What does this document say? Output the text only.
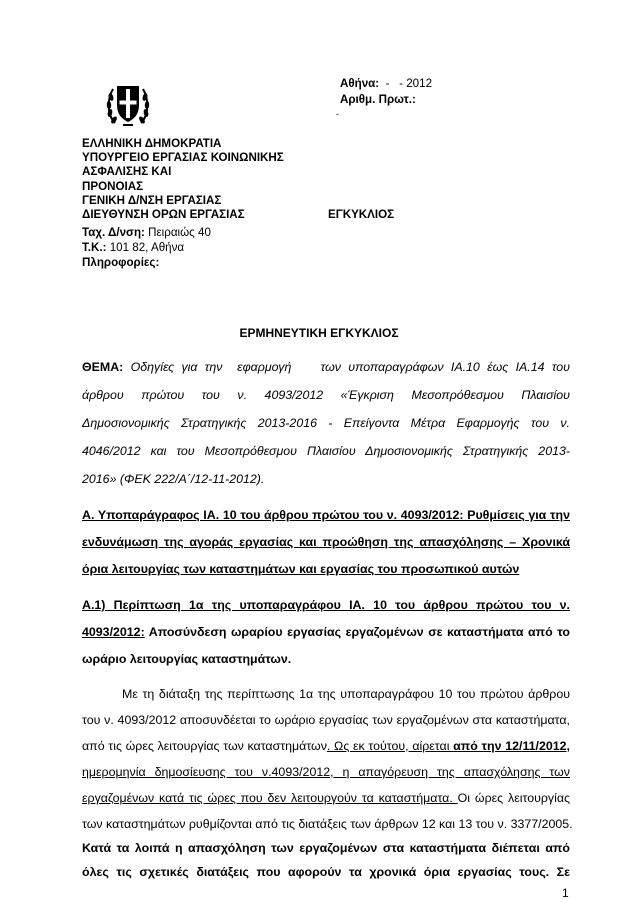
Αθήνα:  -   - 2012
Αριθμ. Πρωτ.:
-
ΕΛΛΗΝΙΚΗ ΔΗΜΟΚΡΑΤΙΑ
ΥΠΟΥΡΓΕΙΟ ΕΡΓΑΣΙΑΣ ΚΟΙΝΩΝΙΚΗΣ
ΑΣΦΑΛΙΣΗΣ ΚΑΙ
ΠΡΟΝΟΙΑΣ
ΓΕΝΙΚΗ Δ/ΝΣΗ ΕΡΓΑΣΙΑΣ
ΔΙΕΥΘΥΝΣΗ ΟΡΩΝ ΕΡΓΑΣΙΑΣ	ΕΓΚΥΚΛΙΟΣ
Ταχ. Δ/νση: Πειραιώς 40
Τ.Κ.: 101 82, Αθήνα
Πληροφορίες:
ΕΡΜΗΝΕΥΤΙΚΗ ΕΓΚΥΚΛΙΟΣ
ΘΕΜΑ: Οδηγίες για την  εφαρμογή    των υποπαραγράφων ΙΑ.10 έως ΙΑ.14 του
άρθρου πρώτου του ν. 4093/2012 «Έγκριση Μεσοπρόθεσμου Πλαισίου
Δημοσιονομικής Στρατηγικής 2013-2016 - Επείγοντα Μέτρα Εφαρμογής του ν.
4046/2012 και του Μεσοπρόθεσμου Πλαισίου Δημοσιονομικής Στρατηγικής 2013-
2016» (ΦΕΚ 222/Α΄/12-11-2012).
Α. Υποπαράγραφος ΙΑ. 10 του άρθρου πρώτου του ν. 4093/2012: Ρυθμίσεις για την
ενδυνάμωση της αγοράς εργασίας και προώθηση της απασχόλησης – Χρονικά
όρια λειτουργίας των καταστημάτων και εργασίας του προσωπικού αυτών
Α.1) Περίπτωση 1α της υποπαραγράφου ΙΑ. 10 του άρθρου πρώτου του ν.
4093/2012: Αποσύνδεση ωραρίου εργασίας εργαζομένων σε καταστήματα από το
ωράριο λειτουργίας καταστημάτων.
Με τη διάταξη της περίπτωσης 1α της υποπαραγράφου 10 του πρώτου άρθρου
του ν. 4093/2012 αποσυνδέεται το ωράριο εργασίας των εργαζομένων στα καταστήματα,
από τις ώρες λειτουργίας των καταστημάτων. Ως εκ τούτου, αίρεται από την 12/11/2012,
ημερομηνία δημοσίευσης του ν.4093/2012, η απαγόρευση της απασχόλησης των
εργαζομένων κατά τις ώρες που δεν λειτουργούν τα καταστήματα. Οι ώρες λειτουργίας
των καταστημάτων ρυθμίζονται από τις διατάξεις των άρθρων 12 και 13 του ν. 3377/2005.
Κατά τα λοιπά η απασχόληση των εργαζομένων στα καταστήματα διέπεται από
όλες τις σχετικές διατάξεις που αφορούν τα χρονικά όρια εργασίας τους. Σε
1
